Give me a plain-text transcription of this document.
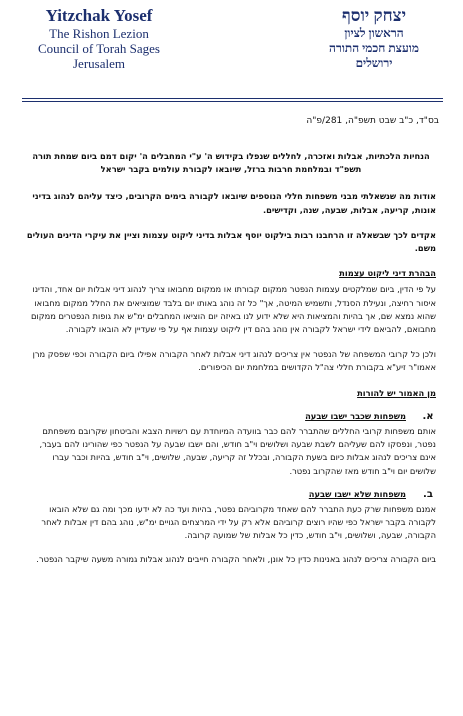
Yitzchak Yosef
The Rishon Lezion
Council of Torah Sages
Jerusalem
יצחק יוסף
הראשון לציון
מועצת חכמי התורה
ירושלים
בס"ד, כ"ב שבט תשפ"ה, 281/פ"ה

הנחיות הלכתיות, אבלות ואזכרה, לחללים שנפלו בקידוש ה' ע"י המחבלים ה' יקום דמם ביום שמחת תורה תשפ"ד ובמלחמת חרבות ברזל, שיובאו לקבורת עולמים בקבר ישראל

אודות מה שנשאלתי מבני משפחות חללי הנוספים שיובאו לקבורה בימים הקרובים, כיצד עליהם לנהוג בדיני אונות, קריעה, אבלות, שבעה, שנה, וקדישים.

אקדים לכך שבשאלה זו הרחבנו רבות בילקוט יוסף אבלות בדיני ליקוט עצמות וציין את עיקרי הדינים העולים משם.

הבהרת דיני ליקוט עצמות

על פי הדין, ביום שמלקטים עצמות הנפטר ממקום קבורתו או ממקום מחבואו צריך לנהוג דיני אבלות יום אחד, והדינו איסור רחיצה, ונעילת הסנדל, ותשמיש המיטה, אך" כל זה נוהג באותו יום בלבד שמוציאים את החלל ממקום מחבואו שהוא נמצא שם, אך בהיות והמציאות היא שלא ידוע לנו באיזה יום הוציאו המחבלים ימ"ש את גופות הנפטרים ממקום מחבואם, להביאם לידי ישראל לקבורה אין נוהג בהם דין ליקוט עצמות אף על פי שעדיין לא הובאו לקבורה.

ולכן כל קרובי המשפחה של הנפטר אין צריכים לנהוג דיני אבלות לאחר הקבורה אפילו ביום הקבורה וכפי שפסק מרן אאמו"ר זיע"א בקבורת חללי צה"ל הקדושים במלחמת יום הכיפורים.

מן האמור יש להורות
א.
משפחות שכבר ישבו שבעה
אותם משפחות קרובי החללים שהתברר להם כבר בוועדה המיוחדת עם רשויות הצבא והביטחון שקרובם משפחתם נפטר, ונפסקו להם שעליהם לשבת שבעה ושלושים וי"ב חודש, והם ישבו שבעה על הנפטר כפי שהורינו להם בעבר, אינם צריכים לנהוג אבלות כיום בשעת הקבורה, ובכלל זה קריעה, שבעה, שלושים, וי"ב חודש, בהיות וכבר עברו שלושים יום וי"ב חודש מאז שהקרוב נפטר.
ב.
משפחות שלא ישבו שבעה
אמנם משפחות שרק כעת התברר להם שאחד מקרוביהם נפטר, בהיות ועד כה לא ידעו מכך ומה גם שלא הובאו לקבורה בקבר ישראל כפי שהיו רוצים קרוביהם אלא רק על ידי המרצחים הגויים ימ"ש, נוהג בהם דין אבלות לאחר הקבורה, שבעה, ושלושים, וי"ב חודש, כדין כל אבלות של שמועה קרובה.

ביום הקבורה צריכים לנהוג באנינות כדין כל אונן, ולאחר הקבורה חייבים לנהוג אבלות גמורה משעה שיקבר הנפטר.
